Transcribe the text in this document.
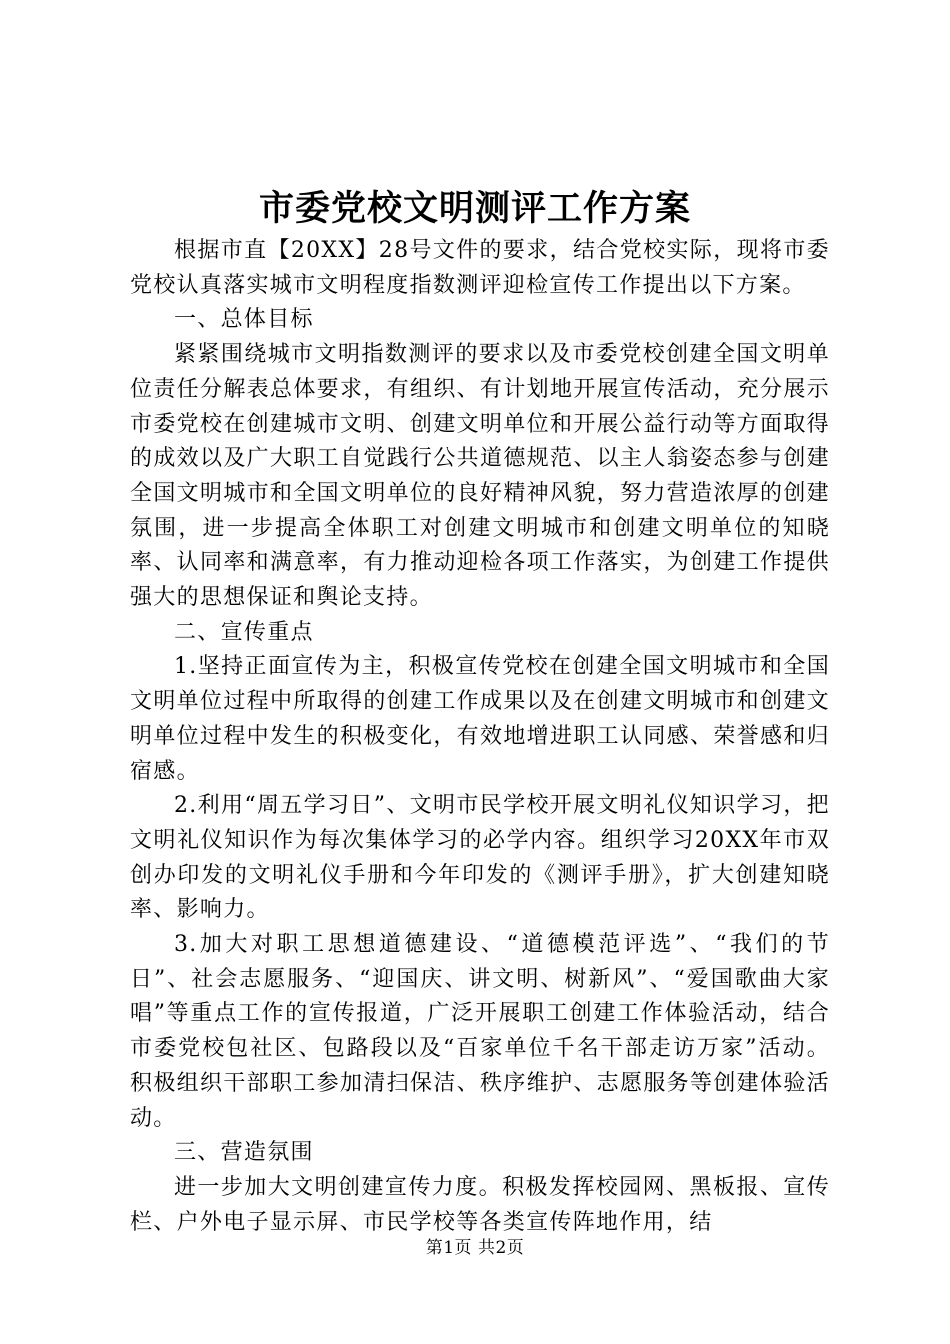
市委党校文明测评工作方案

根据市直【20XX】28号文件的要求，结合党校实际，现将市委党校认真落实城市文明程度指数测评迎检宣传工作提出以下方案。

一、总体目标

紧紧围绕城市文明指数测评的要求以及市委党校创建全国文明单位责任分解表总体要求，有组织、有计划地开展宣传活动，充分展示市委党校在创建城市文明、创建文明单位和开展公益行动等方面取得的成效以及广大职工自觉践行公共道德规范、以主人翁姿态参与创建全国文明城市和全国文明单位的良好精神风貌，努力营造浓厚的创建氛围，进一步提高全体职工对创建文明城市和创建文明单位的知晓率、认同率和满意率，有力推动迎检各项工作落实，为创建工作提供强大的思想保证和舆论支持。

二、宣传重点

1.坚持正面宣传为主，积极宣传党校在创建全国文明城市和全国文明单位过程中所取得的创建工作成果以及在创建文明城市和创建文明单位过程中发生的积极变化，有效地增进职工认同感、荣誉感和归宿感。

2.利用“周五学习日”、文明市民学校开展文明礼仪知识学习，把文明礼仪知识作为每次集体学习的必学内容。组织学习20XX年市双创办印发的文明礼仪手册和今年印发的《测评手册》，扩大创建知晓率、影响力。

3.加大对职工思想道德建设、“道德模范评选”、“我们的节日”、社会志愿服务、“迎国庆、讲文明、树新风”、“爱国歌曲大家唱”等重点工作的宣传报道，广泛开展职工创建工作体验活动，结合市委党校包社区、包路段以及“百家单位千名干部走访万家”活动。积极组织干部职工参加清扫保洁、秩序维护、志愿服务等创建体验活动。

三、营造氛围

进一步加大文明创建宣传力度。积极发挥校园网、黑板报、宣传栏、户外电子显示屏、市民学校等各类宣传阵地作用，结

第1页 共2页
